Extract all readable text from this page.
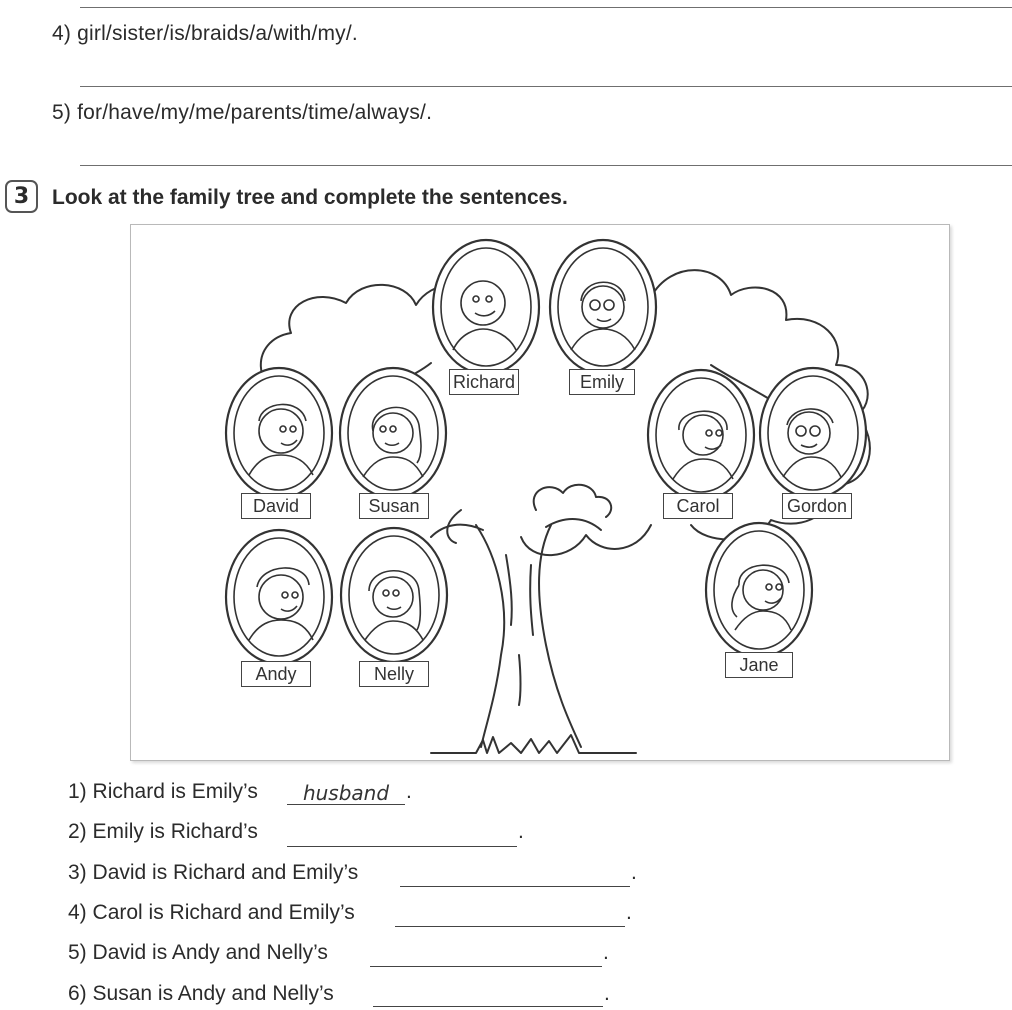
4) girl/sister/is/braids/a/with/my/.
5) for/have/my/me/parents/time/always/.
3	Look at the family tree and complete the sentences.
Richard	Emily
David	Susan	Carol	Gordon
Andy	Nelly	Jane
1) Richard is Emily’s	husband .
2) Emily is Richard’s	.
3) David is Richard and Emily’s	.
4) Carol is Richard and Emily’s	.
5) David is Andy and Nelly’s	.
6) Susan is Andy and Nelly’s	.
